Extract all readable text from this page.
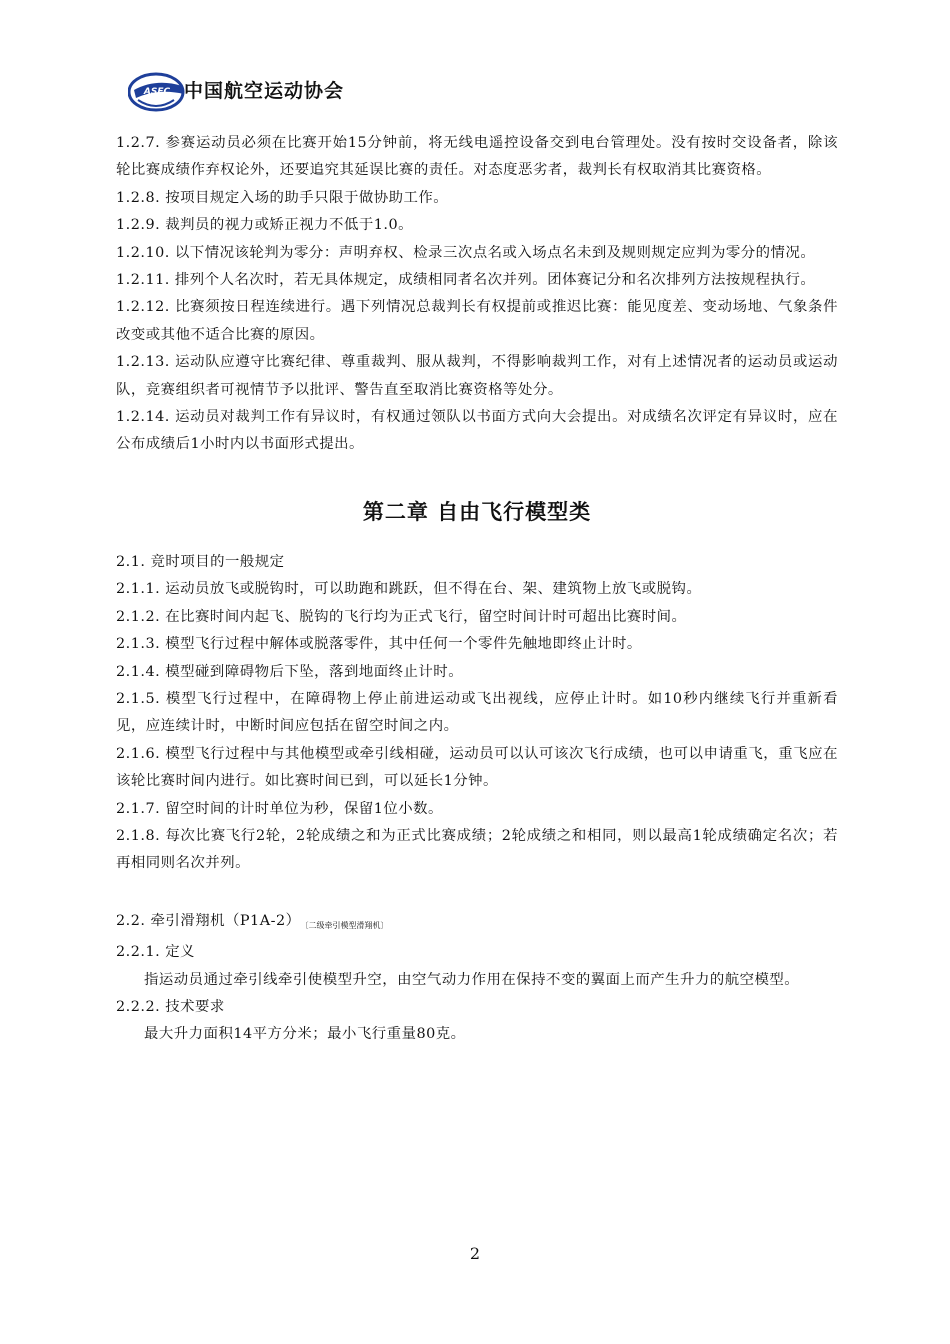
ASFC 中国航空运动协会

1.2.7. 参赛运动员必须在比赛开始15分钟前，将无线电遥控设备交到电台管理处。没有按时交设备者，除该轮比赛成绩作弃权论外，还要追究其延误比赛的责任。对态度恶劣者，裁判长有权取消其比赛资格。

1.2.8. 按项目规定入场的助手只限于做协助工作。

1.2.9. 裁判员的视力或矫正视力不低于1.0。

1.2.10. 以下情况该轮判为零分：声明弃权、检录三次点名或入场点名未到及规则规定应判为零分的情况。

1.2.11. 排列个人名次时，若无具体规定，成绩相同者名次并列。团体赛记分和名次排列方法按规程执行。

1.2.12. 比赛须按日程连续进行。遇下列情况总裁判长有权提前或推迟比赛：能见度差、变动场地、气象条件改变或其他不适合比赛的原因。

1.2.13. 运动队应遵守比赛纪律、尊重裁判、服从裁判，不得影响裁判工作，对有上述情况者的运动员或运动队，竞赛组织者可视情节予以批评、警告直至取消比赛资格等处分。

1.2.14. 运动员对裁判工作有异议时，有权通过领队以书面方式向大会提出。对成绩名次评定有异议时，应在公布成绩后1小时内以书面形式提出。

第二章 自由飞行模型类

2.1. 竞时项目的一般规定

2.1.1. 运动员放飞或脱钩时，可以助跑和跳跃，但不得在台、架、建筑物上放飞或脱钩。

2.1.2. 在比赛时间内起飞、脱钩的飞行均为正式飞行，留空时间计时可超出比赛时间。

2.1.3. 模型飞行过程中解体或脱落零件，其中任何一个零件先触地即终止计时。

2.1.4. 模型碰到障碍物后下坠，落到地面终止计时。

2.1.5. 模型飞行过程中，在障碍物上停止前进运动或飞出视线，应停止计时。如10秒内继续飞行并重新看见，应连续计时，中断时间应包括在留空时间之内。

2.1.6. 模型飞行过程中与其他模型或牵引线相碰，运动员可以认可该次飞行成绩，也可以申请重飞，重飞应在该轮比赛时间内进行。如比赛时间已到，可以延长1分钟。

2.1.7. 留空时间的计时单位为秒，保留1位小数。

2.1.8. 每次比赛飞行2轮，2轮成绩之和为正式比赛成绩；2轮成绩之和相同，则以最高1轮成绩确定名次；若再相同则名次并列。

2.2. 牵引滑翔机（P1A-2） $_{〔二级牵引模型滑翔机〕}$

2.2.1. 定义

指运动员通过牵引线牵引使模型升空，由空气动力作用在保持不变的翼面上而产生升力的航空模型。

2.2.2. 技术要求

最大升力面积14平方分米；最小飞行重量80克。

2
